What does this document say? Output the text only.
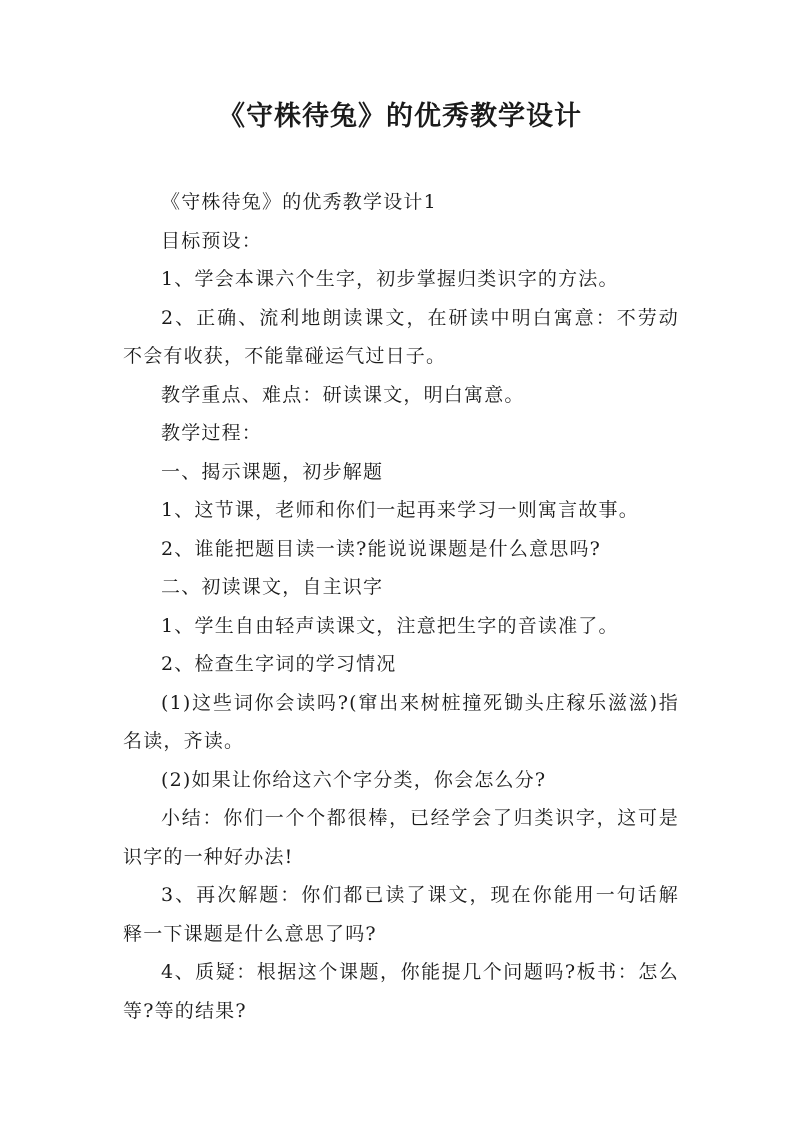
《守株待兔》的优秀教学设计

《守株待兔》的优秀教学设计1

目标预设：

1、学会本课六个生字，初步掌握归类识字的方法。

2、正确、流利地朗读课文，在研读中明白寓意：不劳动不会有收获，不能靠碰运气过日子。

教学重点、难点：研读课文，明白寓意。

教学过程：

一、揭示课题，初步解题

1、这节课，老师和你们一起再来学习一则寓言故事。

2、谁能把题目读一读?能说说课题是什么意思吗?

二、初读课文，自主识字

1、学生自由轻声读课文，注意把生字的音读准了。

2、检查生字词的学习情况

(1)这些词你会读吗?(窜出来树桩撞死锄头庄稼乐滋滋)指名读，齐读。

(2)如果让你给这六个字分类，你会怎么分?

小结：你们一个个都很棒，已经学会了归类识字，这可是识字的一种好办法!

3、再次解题：你们都已读了课文，现在你能用一句话解释一下课题是什么意思了吗?

4、质疑：根据这个课题，你能提几个问题吗?板书：怎么等?等的结果?
